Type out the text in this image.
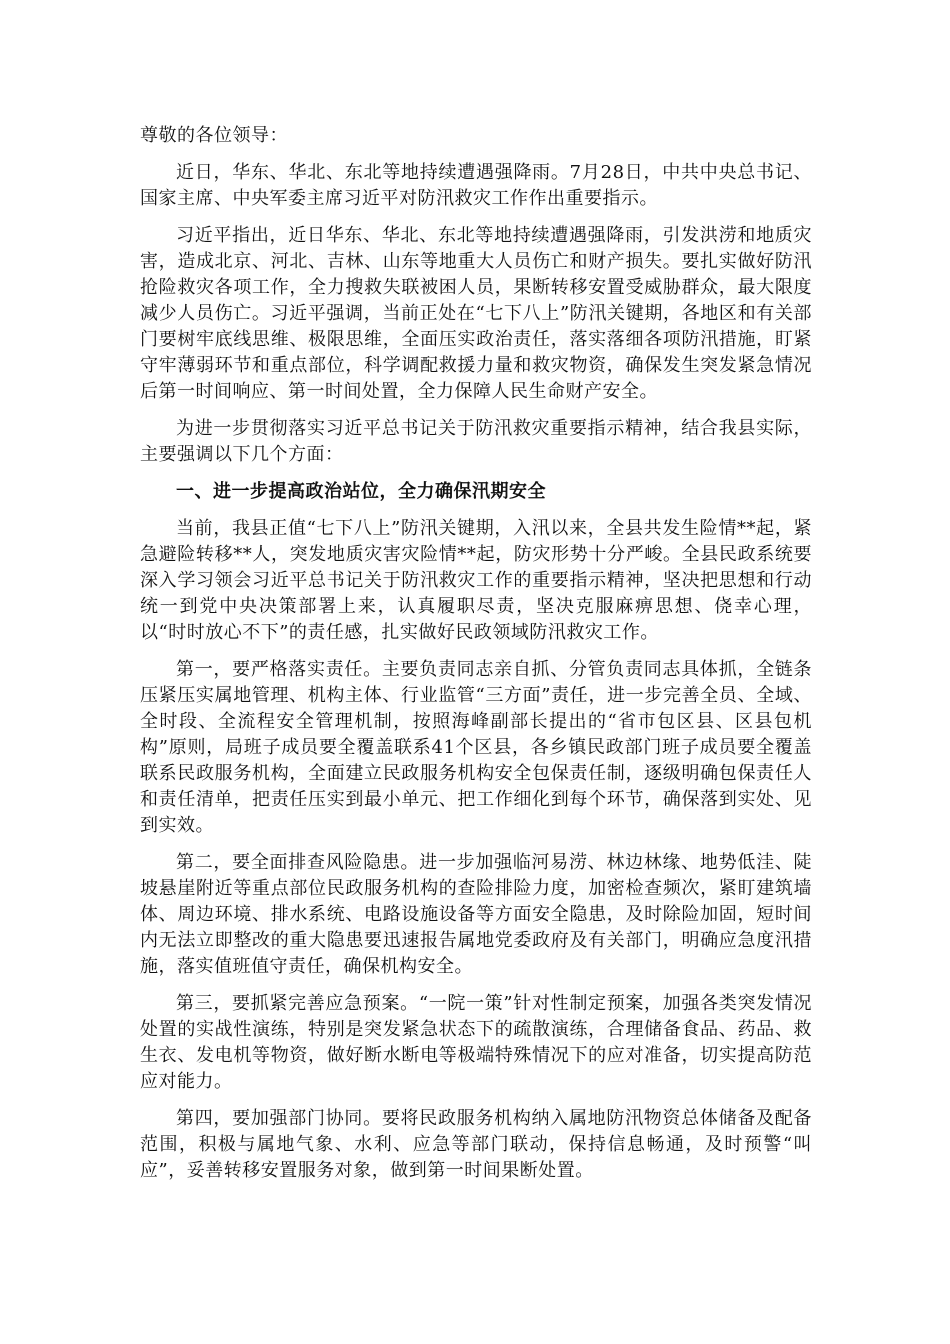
尊敬的各位领导：

近日，华东、华北、东北等地持续遭遇强降雨。7月28日，中共中央总书记、国家主席、中央军委主席习近平对防汛救灾工作作出重要指示。

习近平指出，近日华东、华北、东北等地持续遭遇强降雨，引发洪涝和地质灾害，造成北京、河北、吉林、山东等地重大人员伤亡和财产损失。要扎实做好防汛抢险救灾各项工作，全力搜救失联被困人员，果断转移安置受威胁群众，最大限度减少人员伤亡。习近平强调，当前正处在“七下八上”防汛关键期，各地区和有关部门要树牢底线思维、极限思维，全面压实政治责任，落实落细各项防汛措施，盯紧守牢薄弱环节和重点部位，科学调配救援力量和救灾物资，确保发生突发紧急情况后第一时间响应、第一时间处置，全力保障人民生命财产安全。

为进一步贯彻落实习近平总书记关于防汛救灾重要指示精神，结合我县实际，主要强调以下几个方面：

一、进一步提高政治站位，全力确保汛期安全

当前，我县正值“七下八上”防汛关键期，入汛以来，全县共发生险情**起，紧急避险转移**人，突发地质灾害灾险情**起，防灾形势十分严峻。全县民政系统要深入学习领会习近平总书记关于防汛救灾工作的重要指示精神，坚决把思想和行动统一到党中央决策部署上来，认真履职尽责，坚决克服麻痹思想、侥幸心理，以“时时放心不下”的责任感，扎实做好民政领域防汛救灾工作。

第一，要严格落实责任。主要负责同志亲自抓、分管负责同志具体抓，全链条压紧压实属地管理、机构主体、行业监管“三方面”责任，进一步完善全员、全域、全时段、全流程安全管理机制，按照海峰副部长提出的“省市包区县、区县包机构”原则，局班子成员要全覆盖联系41个区县，各乡镇民政部门班子成员要全覆盖联系民政服务机构，全面建立民政服务机构安全包保责任制，逐级明确包保责任人和责任清单，把责任压实到最小单元、把工作细化到每个环节，确保落到实处、见到实效。

第二，要全面排查风险隐患。进一步加强临河易涝、林边林缘、地势低洼、陡坡悬崖附近等重点部位民政服务机构的查险排险力度，加密检查频次，紧盯建筑墙体、周边环境、排水系统、电路设施设备等方面安全隐患，及时除险加固，短时间内无法立即整改的重大隐患要迅速报告属地党委政府及有关部门，明确应急度汛措施，落实值班值守责任，确保机构安全。

第三，要抓紧完善应急预案。“一院一策”针对性制定预案，加强各类突发情况处置的实战性演练，特别是突发紧急状态下的疏散演练，合理储备食品、药品、救生衣、发电机等物资，做好断水断电等极端特殊情况下的应对准备，切实提高防范应对能力。

第四，要加强部门协同。要将民政服务机构纳入属地防汛物资总体储备及配备范围，积极与属地气象、水利、应急等部门联动，保持信息畅通，及时预警“叫应”，妥善转移安置服务对象，做到第一时间果断处置。
